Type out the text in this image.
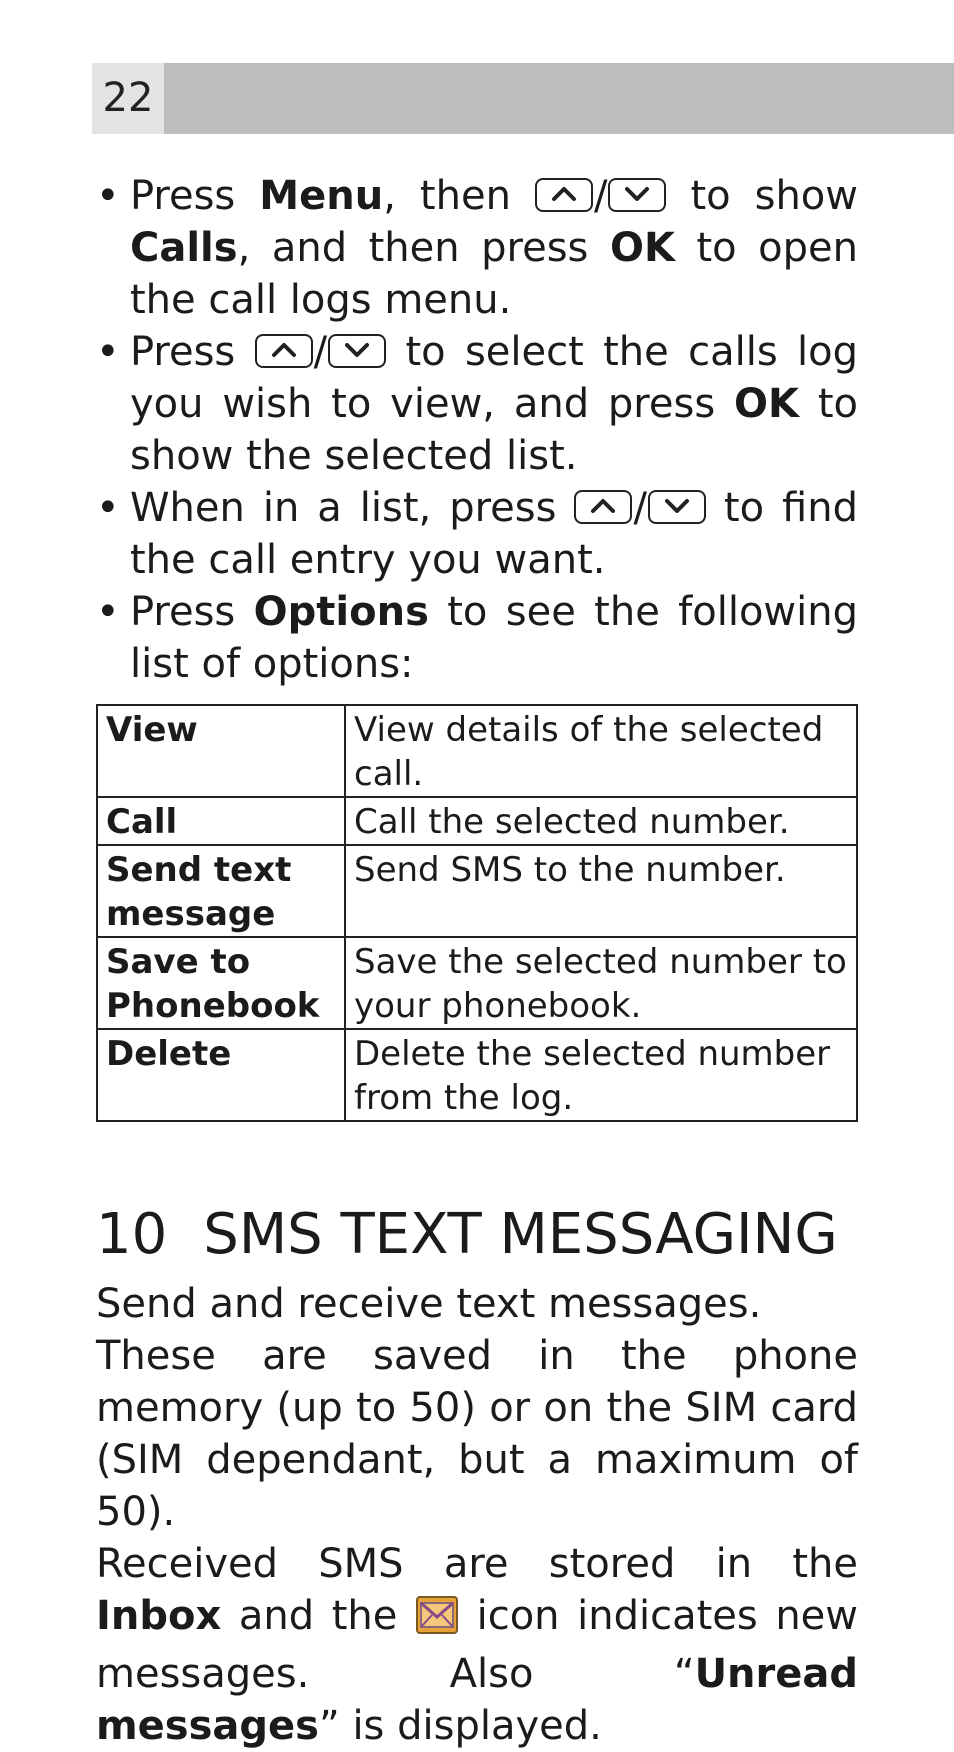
22
• Press Menu, then
/
to show Calls, and then press OK to open the call logs menu.
• Press
/
to select the calls log you wish to view, and press OK to show the selected list.
• When in a list, press
/
to find the call entry you want.
• Press Options to see the following list of options:
View	View details of the selected call.
Call	Call the selected number.
Send text message	Send SMS to the number.
Save to Phonebook	Save the selected number to your phonebook.
Delete	Delete the selected number from the log.
10 SMS TEXT MESSAGING

Send and receive text messages.

These are saved in the phone memory (up to 50) or on the SIM card (SIM dependant, but a maximum of 50).

Received SMS are stored in the Inbox and the  icon indicates new messages. Also “Unread messages” is displayed.
